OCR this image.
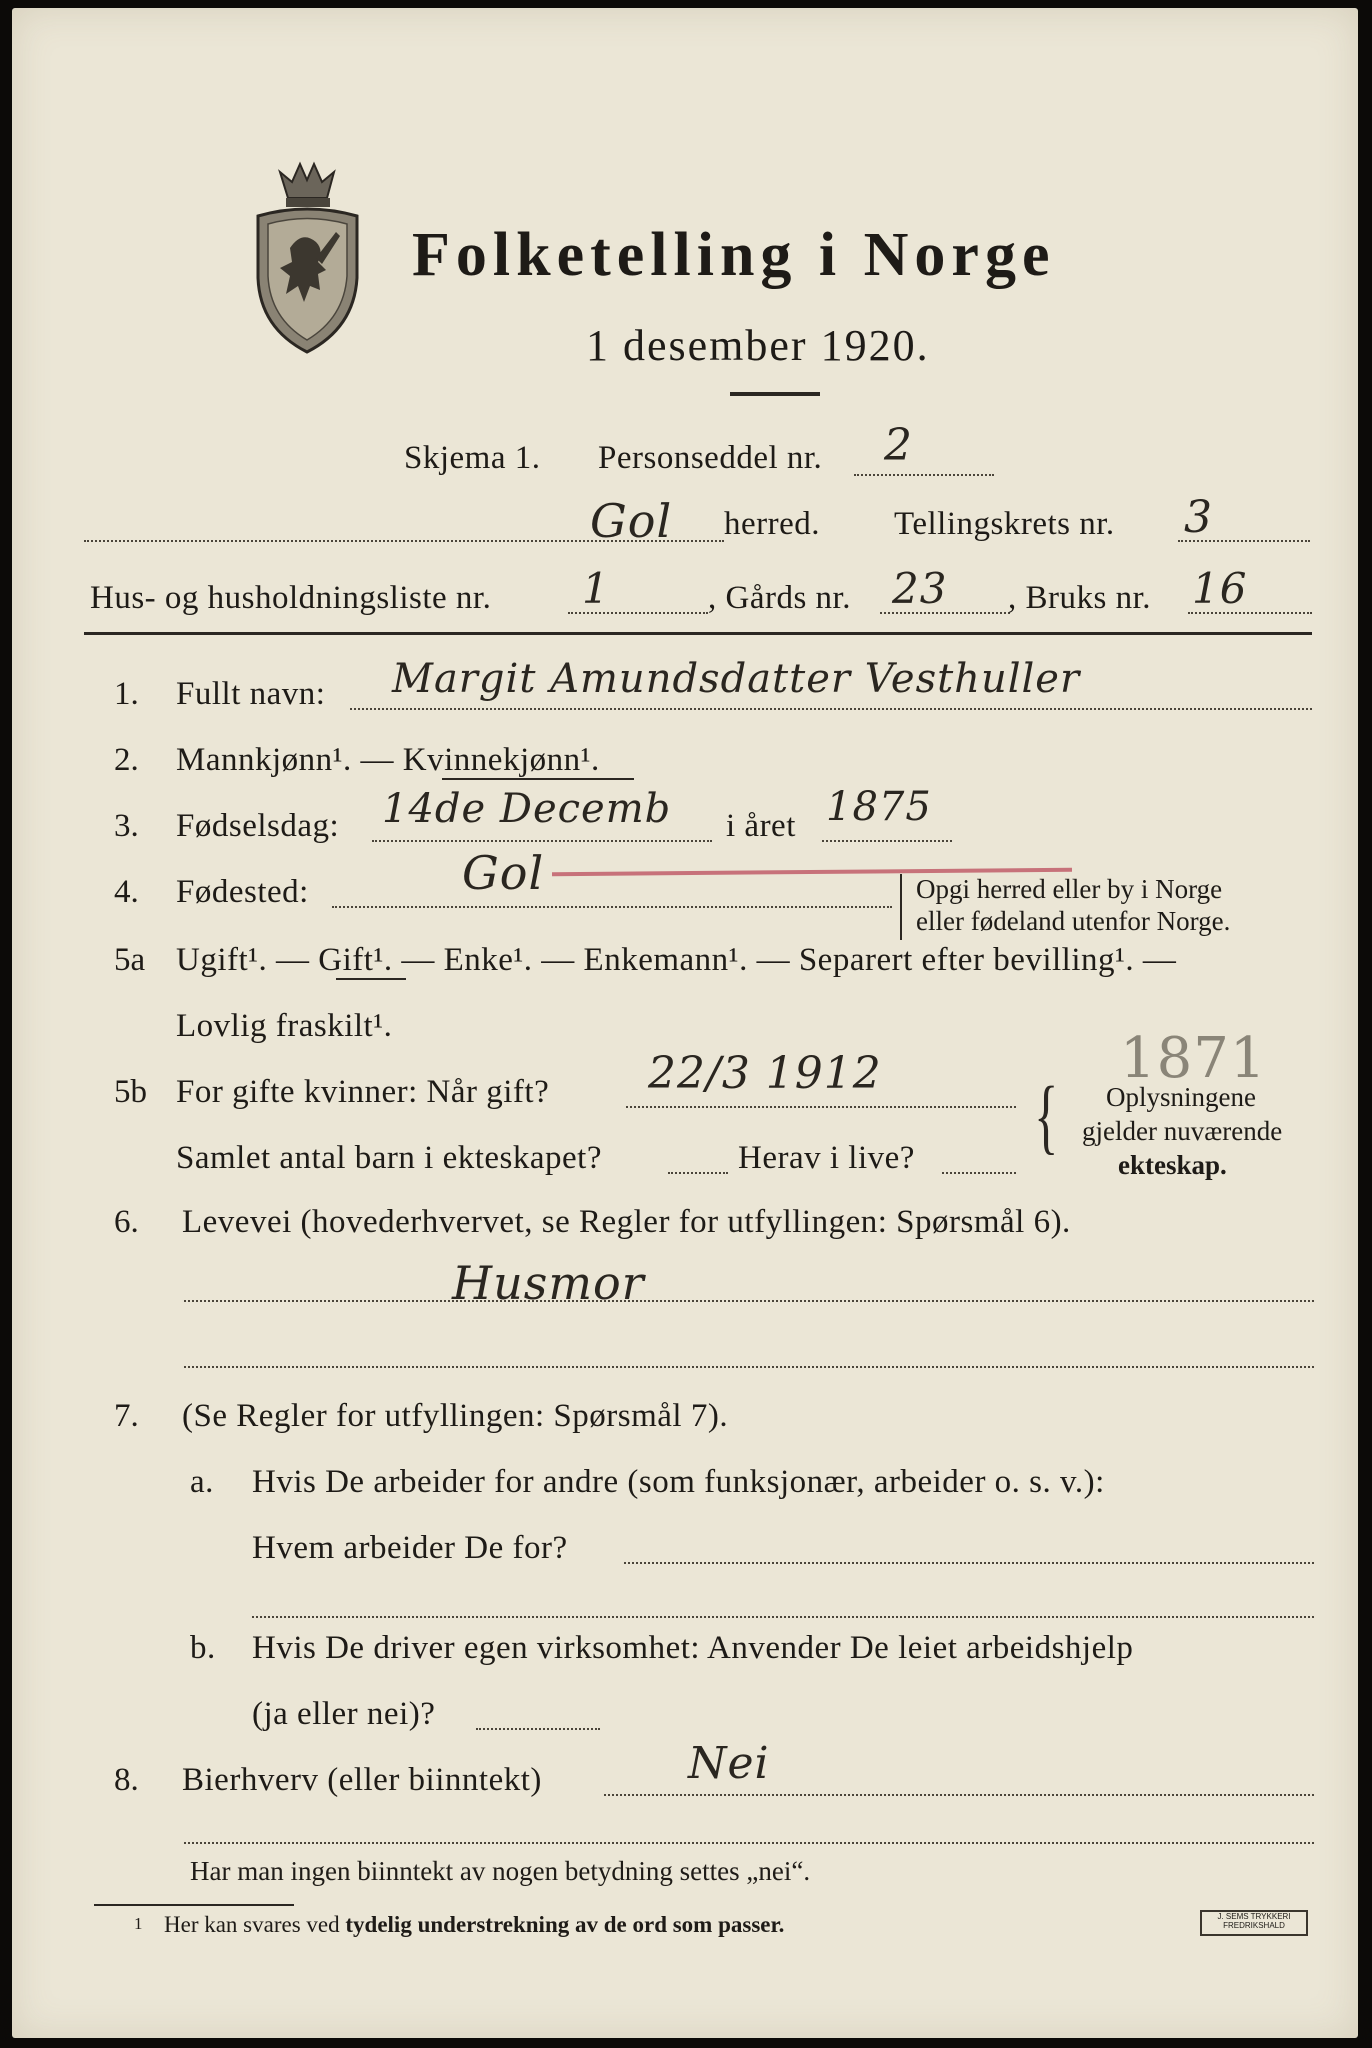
Folketelling i Norge
1 desember 1920.
Skjema 1. Personseddel nr. 2
Gol herred. Tellingskrets nr. 3
Hus- og husholdningsliste nr. 1	, Gårds nr. 23 , Bruks nr. 16
1. Fullt navn: Margit Amundsdatter Vesthuller
2. Mannkjønn¹. — Kvinnekjønn¹.
3. Fødselsdag: 14de Decemb i året 1875
4. Fødested:	Gol	Opgi herred eller by i Norge
eller fødeland utenfor Norge.
5a Ugift¹. — Gift¹. — Enke¹. — Enkemann¹. — Separert efter bevilling¹. —
Lovlig fraskilt¹.
5b For gifte kvinner: Når gift? 22/3 1912	1871
Samlet antal barn i ekteskapet?	Herav i live? { Oplysningene
gjelder nuværende
ekteskap.
6. Levevei (hovederhvervet, se Regler for utfyllingen: Spørsmål 6).
Husmor
7. (Se Regler for utfyllingen: Spørsmål 7).
a. Hvis De arbeider for andre (som funksjonær, arbeider o. s. v.):
Hvem arbeider De for?
b. Hvis De driver egen virksomhet: Anvender De leiet arbeidshjelp
(ja eller nei)?
8. Bierhverv (eller biinntekt)	Nei
Har man ingen biinntekt av nogen betydning settes „nei“.
1 Her kan svares ved tydelig understrekning av de ord som passer.	J. SEMS TRYKKERI
FREDRIKSHALD
